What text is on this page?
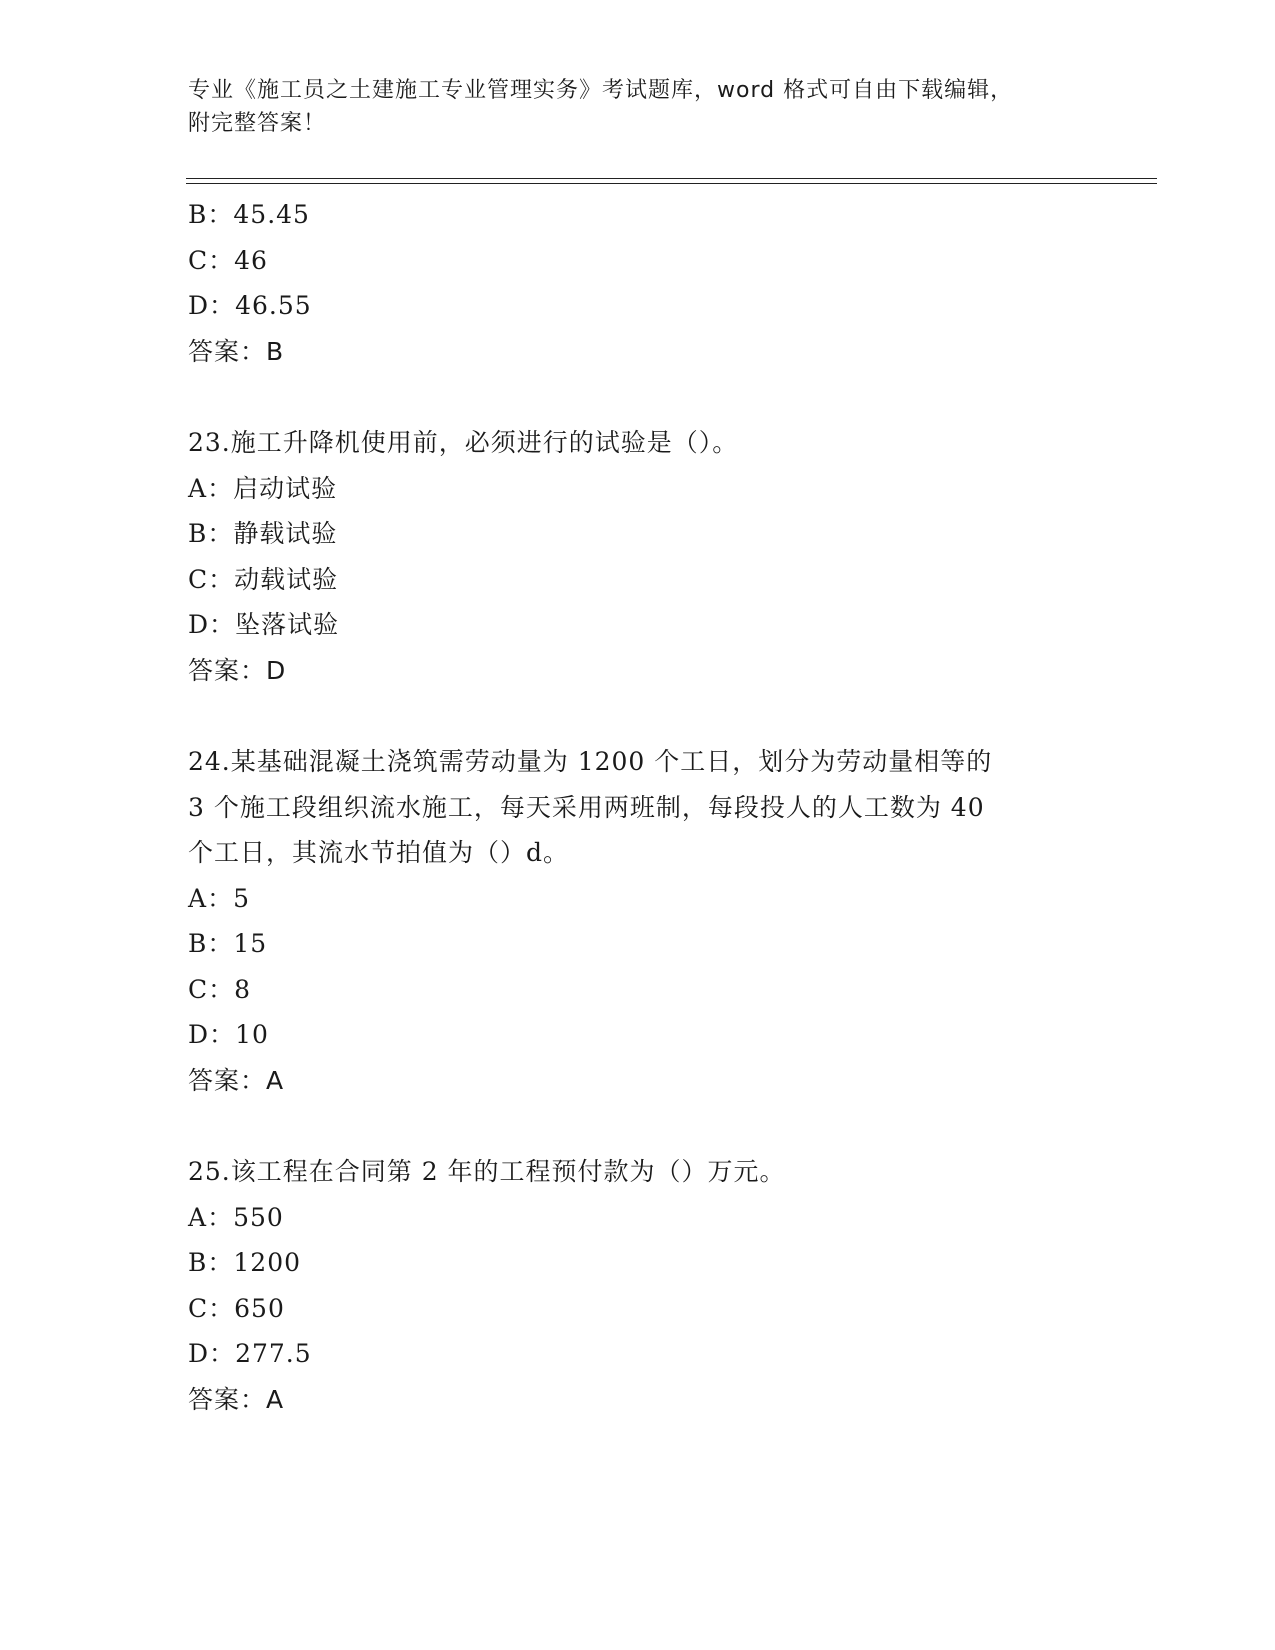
专业《施工员之土建施工专业管理实务》考试题库，word 格式可自由下载编辑，
附完整答案！
B：45.45
C：46
D：46.55
答案：B
23.施工升降机使用前，必须进行的试验是（）。
A：启动试验
B：静载试验
C：动载试验
D：坠落试验
答案：D
24.某基础混凝土浇筑需劳动量为 1200 个工日，划分为劳动量相等的
3 个施工段组织流水施工，每天采用两班制，每段投人的人工数为 40
个工日，其流水节拍值为（）d。
A：5
B：15
C：8
D：10
答案：A
25.该工程在合同第 2 年的工程预付款为（）万元。
A：550
B：1200
C：650
D：277.5
答案：A
